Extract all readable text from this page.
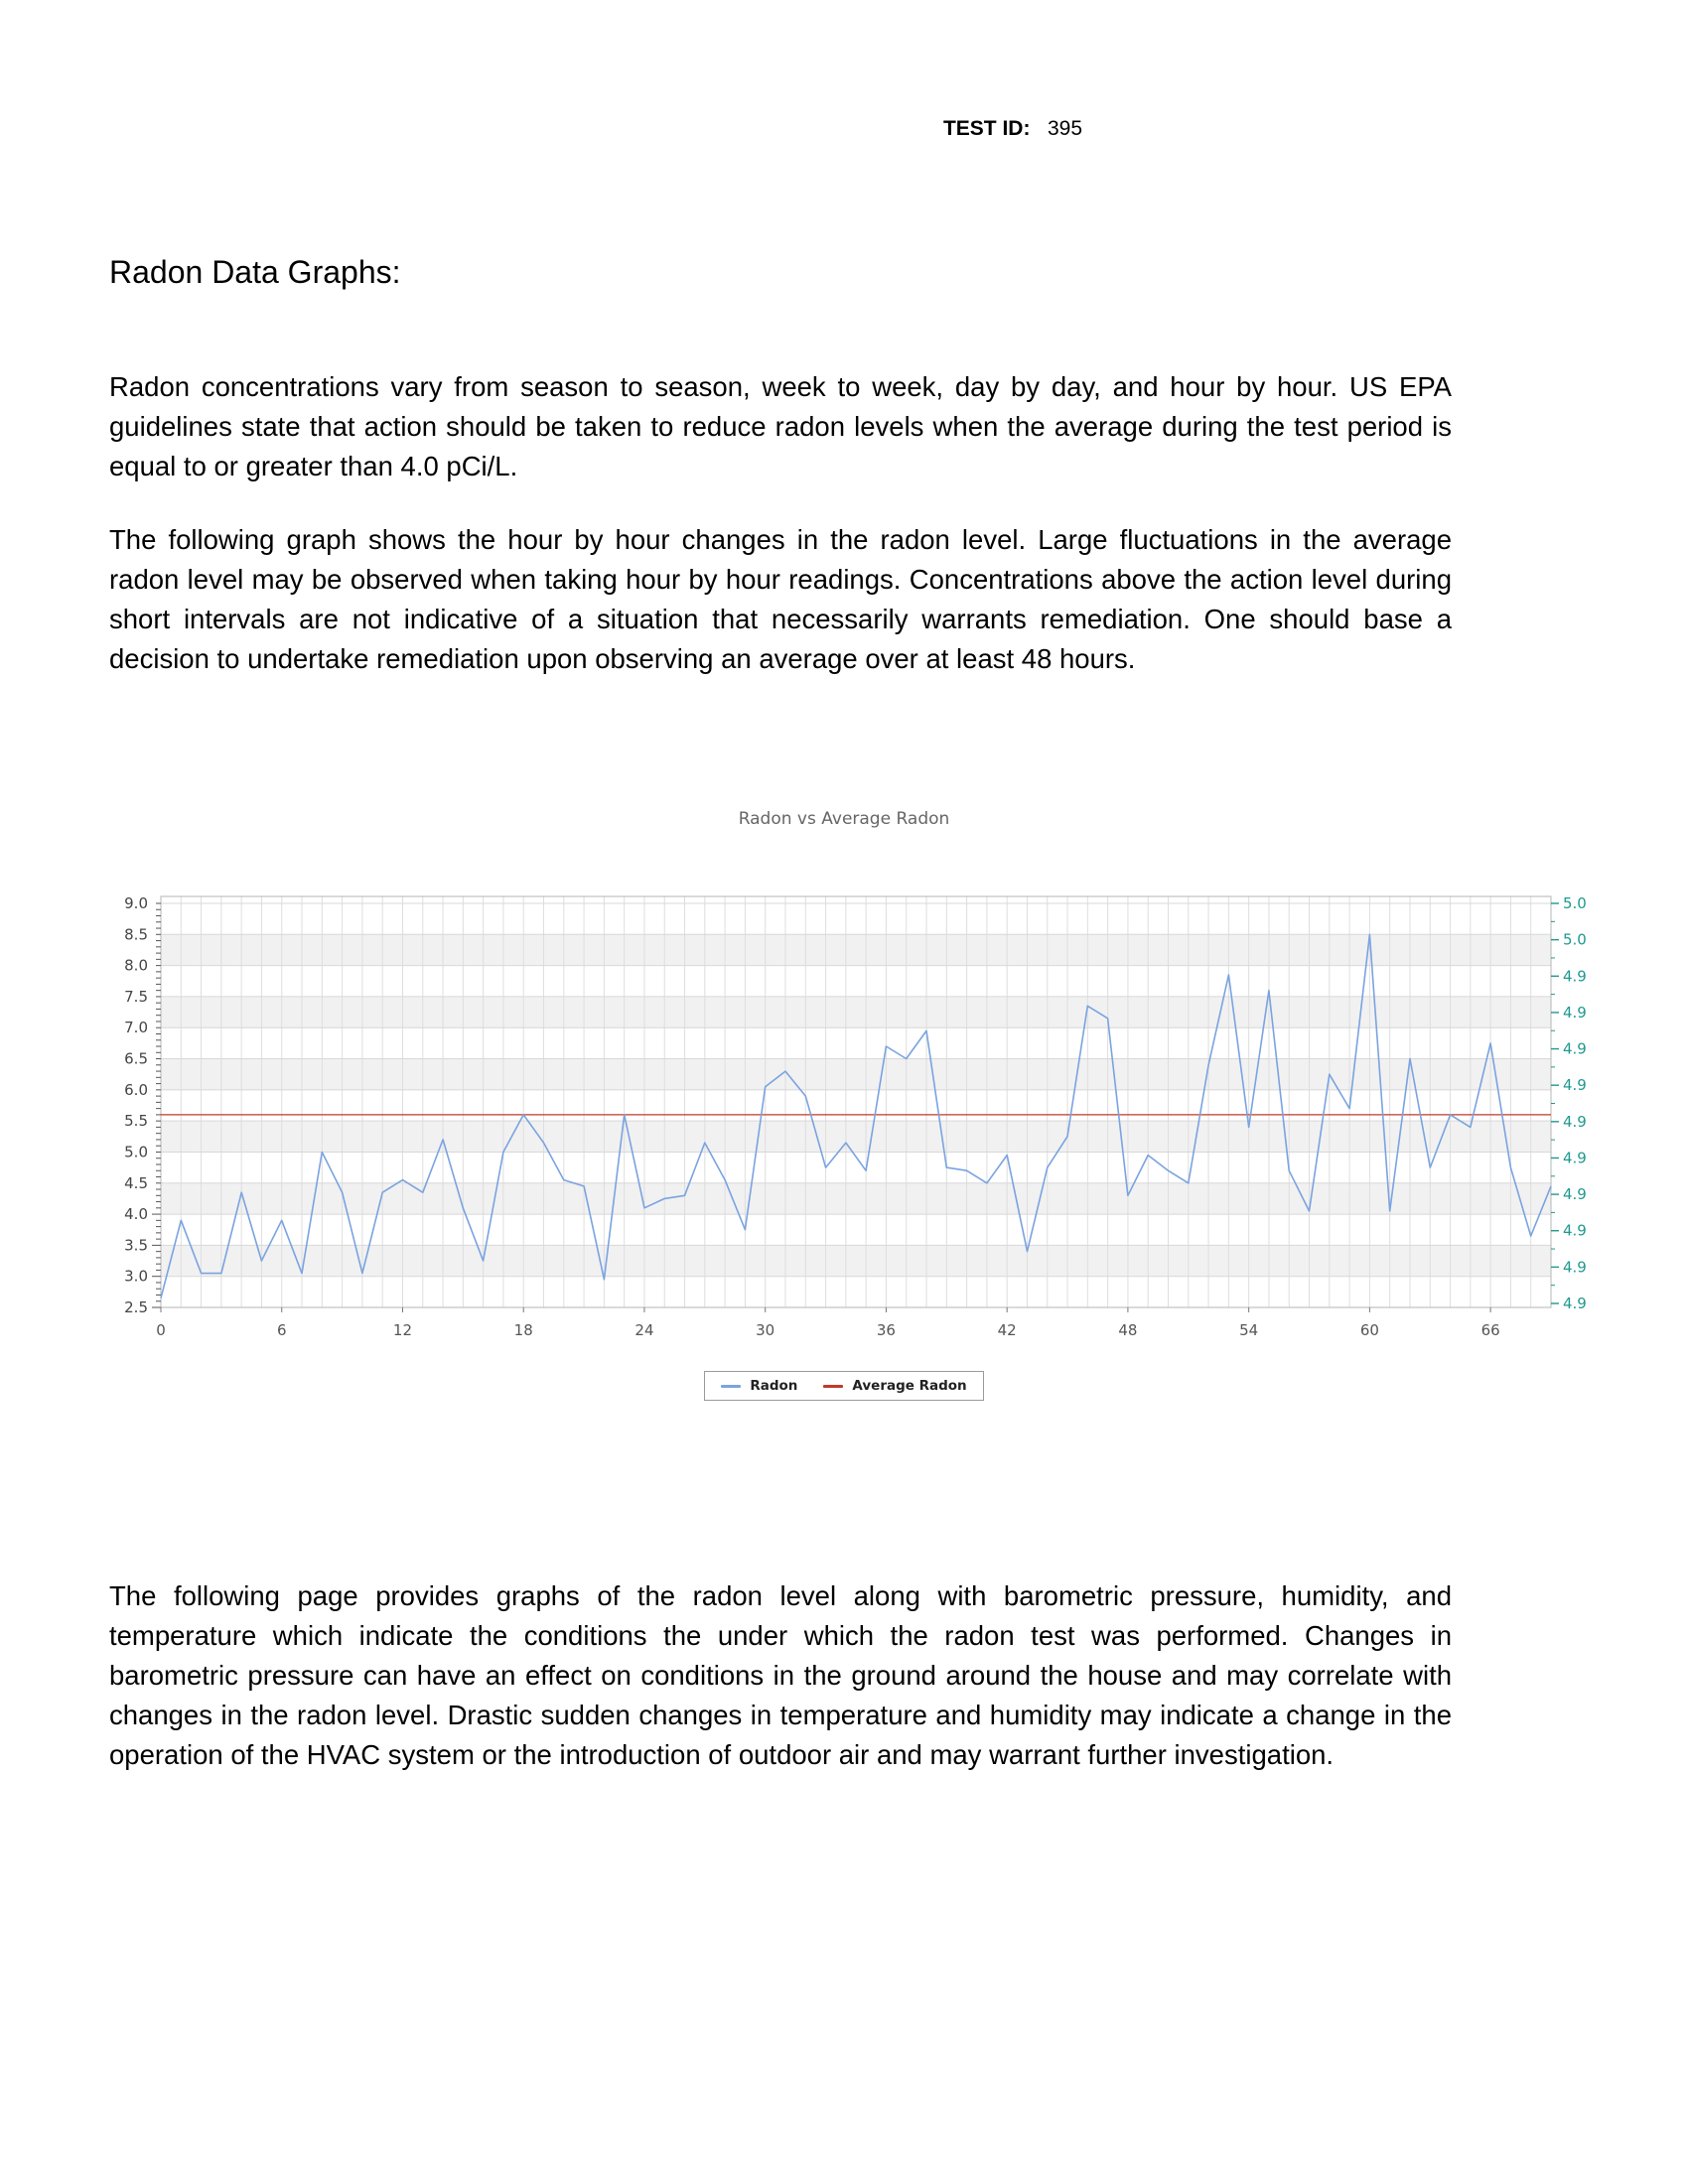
TEST ID: 395
Radon Data Graphs:

Radon concentrations vary from season to season, week to week, day by day, and hour by hour. US EPA guidelines state that action should be taken to reduce radon levels when the average during the test period is equal to or greater than 4.0 pCi/L.

The following graph shows the hour by hour changes in the radon level. Large fluctuations in the average radon level may be observed when taking hour by hour readings. Concentrations above the action level during short intervals are not indicative of a situation that necessarily warrants remediation. One should base a decision to undertake remediation upon observing an average over at least 48 hours.

The following page provides graphs of the radon level along with barometric pressure, humidity, and temperature which indicate the conditions the under which the radon test was performed. Changes in barometric pressure can have an effect on conditions in the ground around the house and may correlate with changes in the radon level. Drastic sudden changes in temperature and humidity may indicate a change in the operation of the HVAC system or the introduction of outdoor air and may warrant further investigation.

Radon vs Average Radon
9.0
8.5
8.0
7.5
7.0
6.5
6.0
5.5
5.0
4.5
4.0
3.5
3.0
2.5
0	6	12	18	24	30	36	42	48	54	60	66
5.0
5.0
4.9
4.9
4.9
4.9
4.9
4.9
4.9
4.9
4.9
4.9
Radon	Average Radon
